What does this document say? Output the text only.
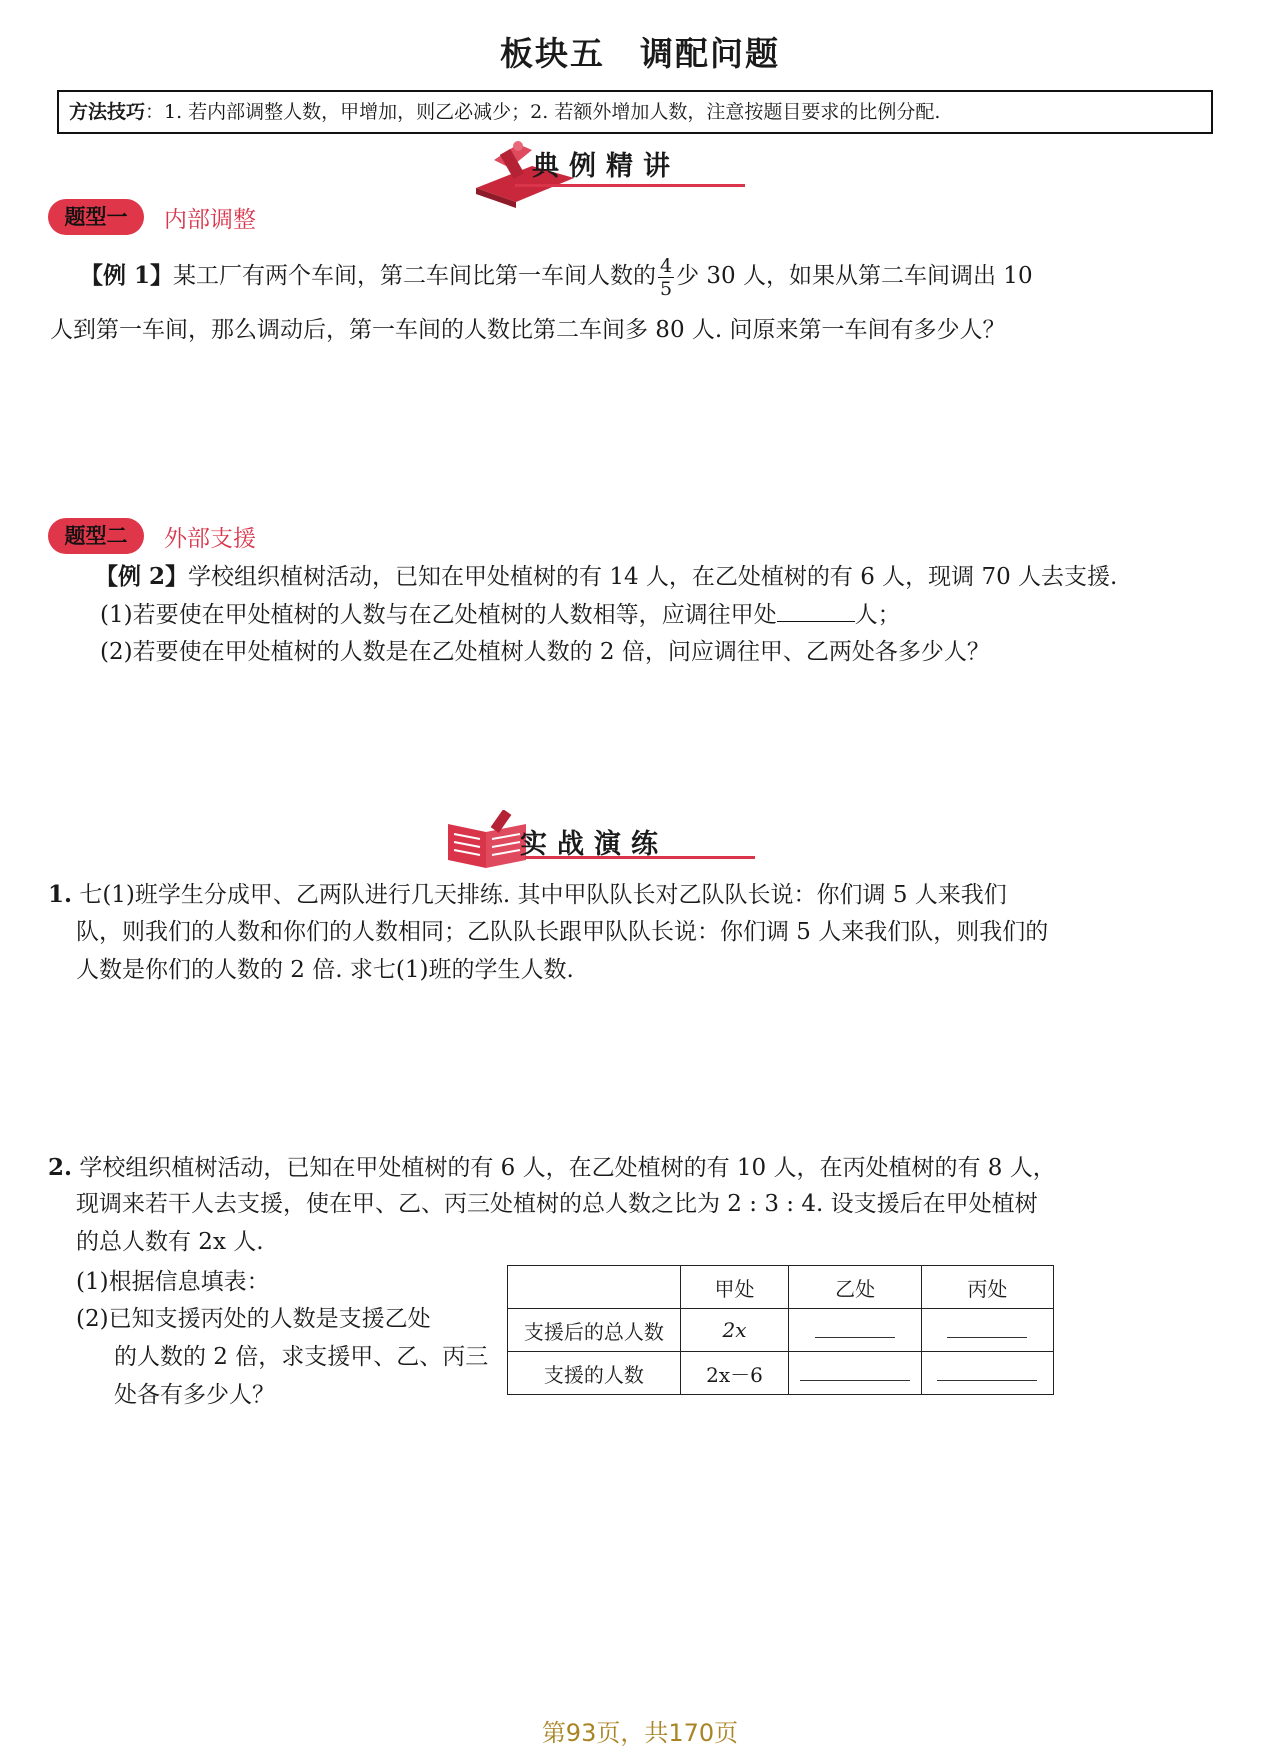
板块五　调配问题
方法技巧：1. 若内部调整人数，甲增加，则乙必减少；2. 若额外增加人数，注意按题目要求的比例分配.
典例精讲
题型一	内部调整
【例 1】某工厂有两个车间，第二车间比第一车间人数的 $\frac{4}{5}$ 少 30 人，如果从第二车间调出 10
人到第一车间，那么调动后，第一车间的人数比第二车间多 80 人. 问原来第一车间有多少人？
题型二	外部支援
【例 2】学校组织植树活动，已知在甲处植树的有 14 人，在乙处植树的有 6 人，现调 70 人去支援.
(1)若要使在甲处植树的人数与在乙处植树的人数相等，应调往甲处	人；
(2)若要使在甲处植树的人数是在乙处植树人数的 2 倍，问应调往甲、乙两处各多少人？
实战演练
1. 七(1)班学生分成甲、乙两队进行几天排练. 其中甲队队长对乙队队长说：你们调 5 人来我们
队，则我们的人数和你们的人数相同；乙队队长跟甲队队长说：你们调 5 人来我们队，则我们的
人数是你们的人数的 2 倍. 求七(1)班的学生人数.
2. 学校组织植树活动，已知在甲处植树的有 6 人，在乙处植树的有 10 人，在丙处植树的有 8 人，
现调来若干人去支援，使在甲、乙、丙三处植树的总人数之比为 2 : 3 : 4. 设支援后在甲处植树
的总人数有 2x 人.
(1)根据信息填表：
(2)已知支援丙处的人数是支援乙处
的人数的 2 倍，求支援甲、乙、丙三
处各有多少人？
	甲处	乙处	丙处
支援后的总人数	2x		
支援的人数	2x－6		
第93页，共170页
